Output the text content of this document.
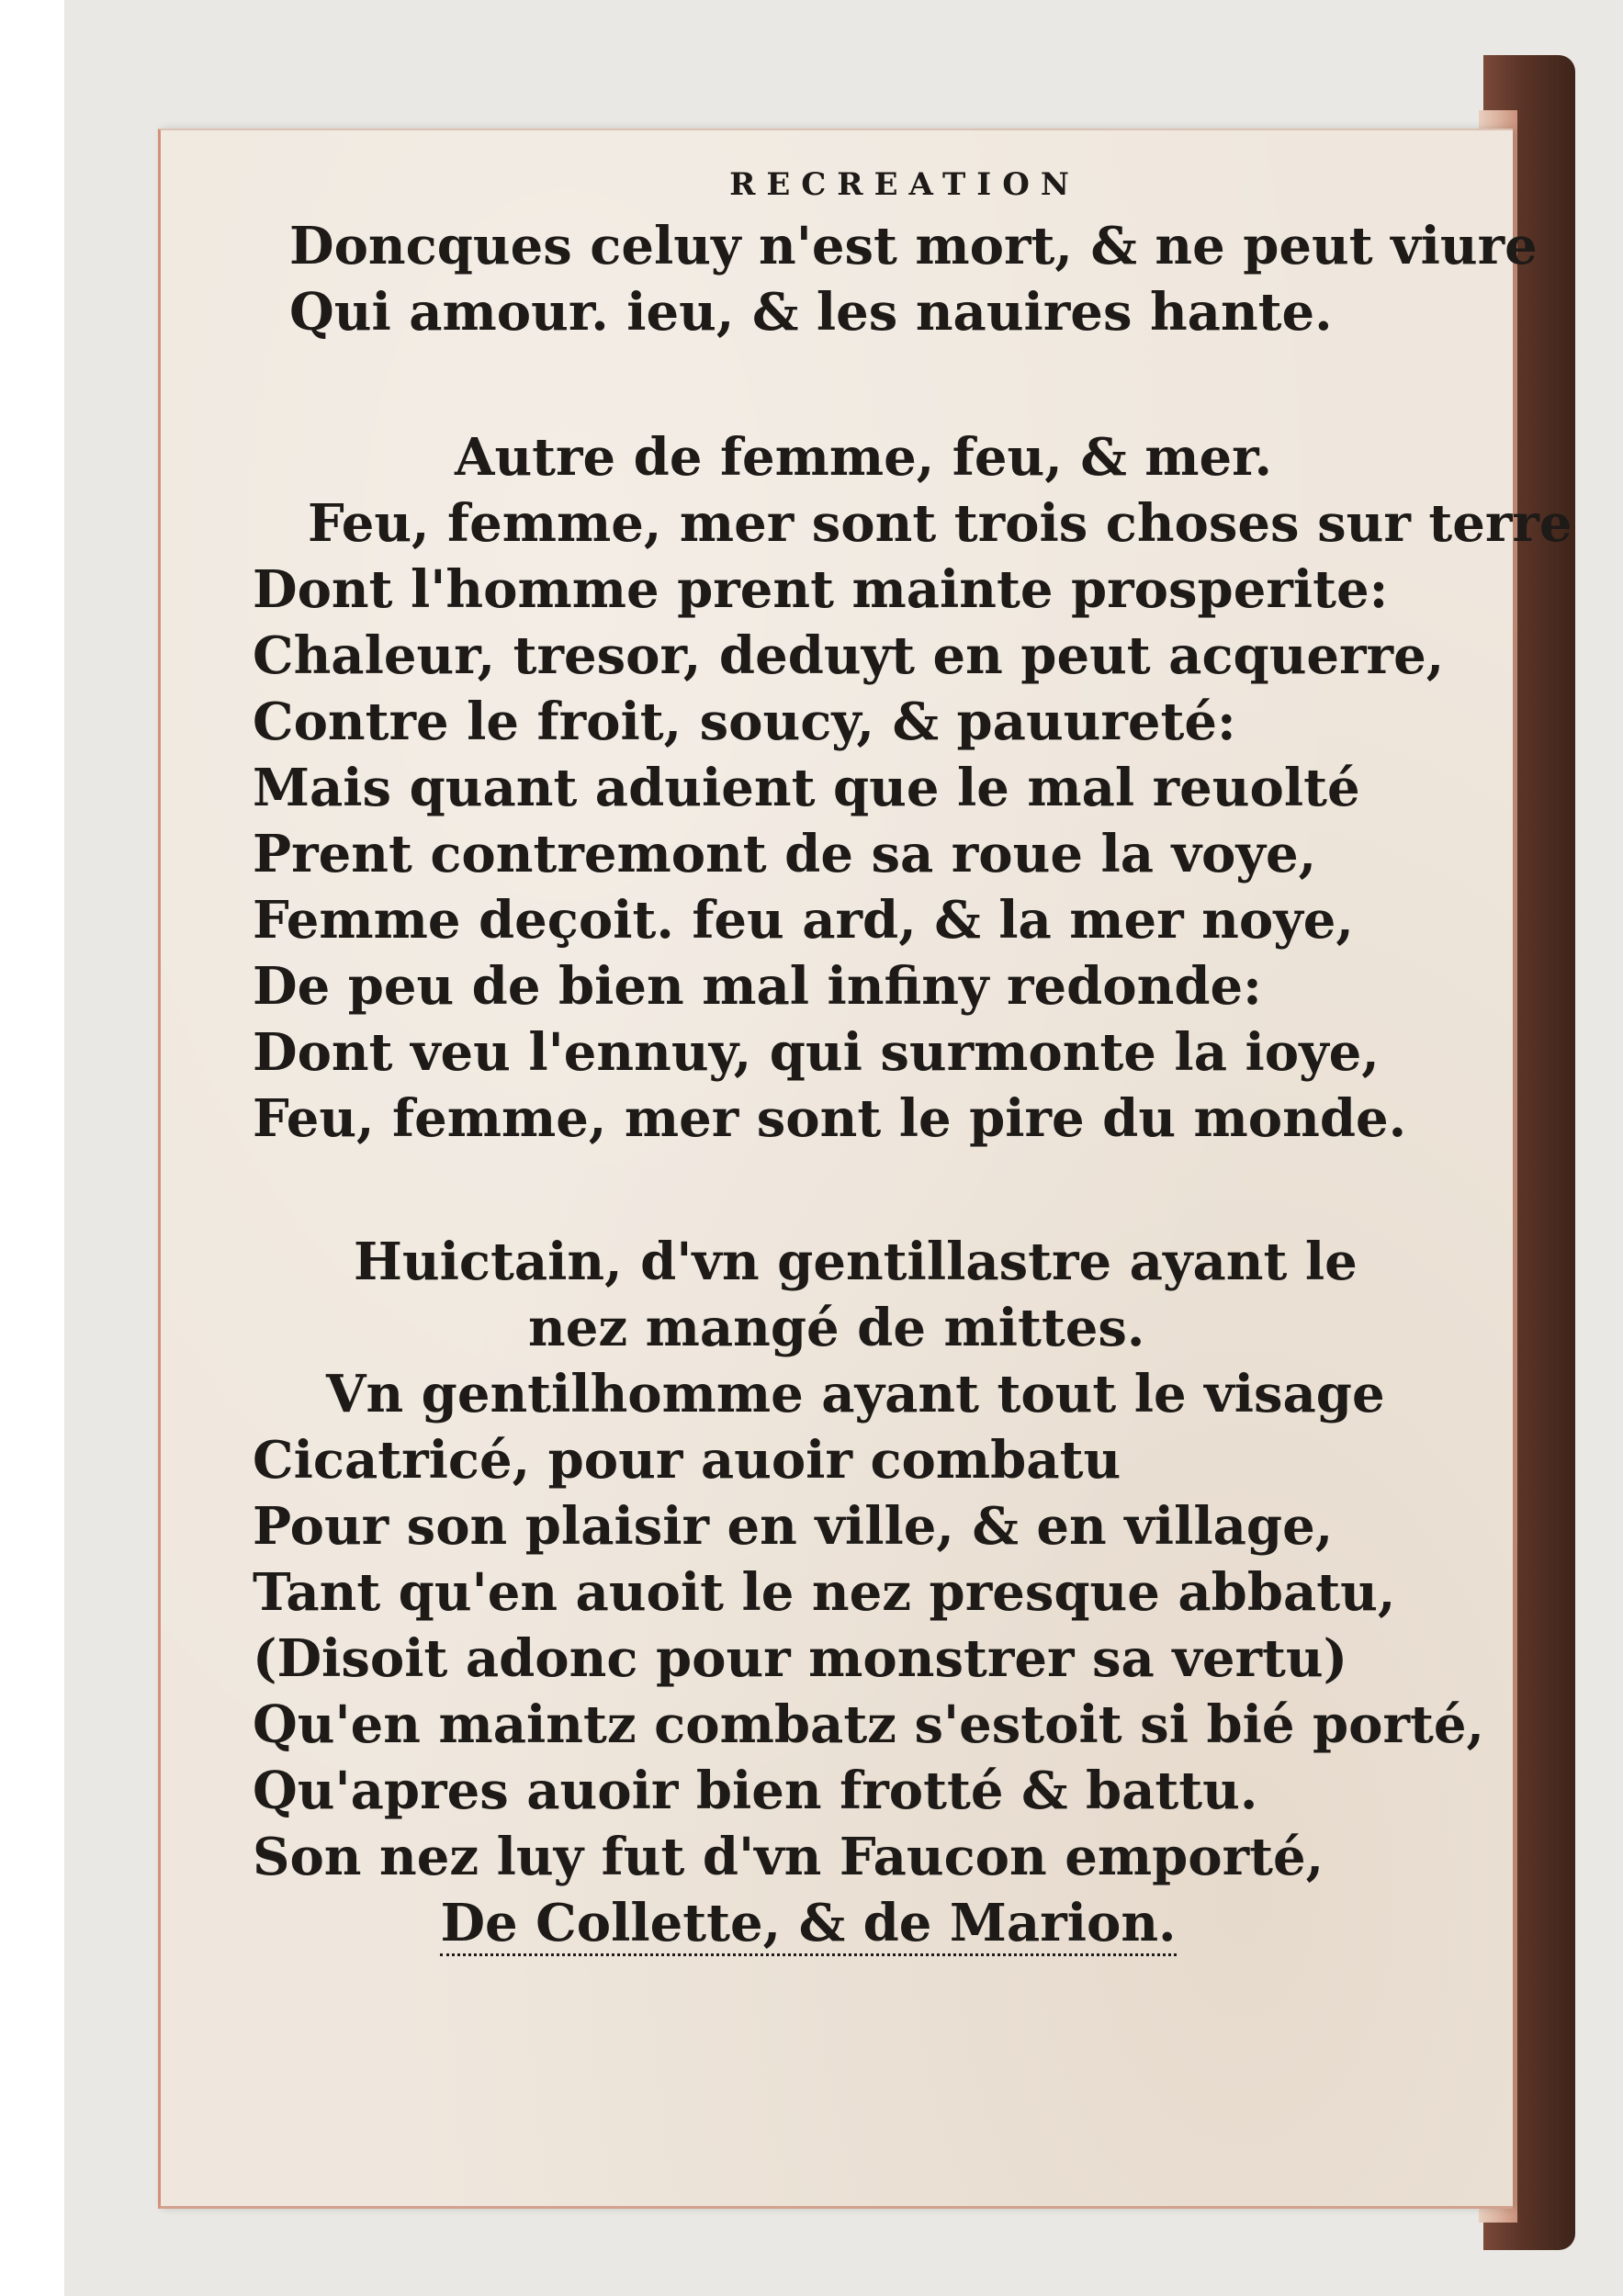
RECREATION
Doncques celuy n'est mort, & ne peut viure
Qui amour. ieu, & les nauires hante.
Autre de femme, feu, & mer.
Feu, femme, mer sont trois choses sur terre
Dont l'homme prent mainte prosperite:
Chaleur, tresor, deduyt en peut acquerre,
Contre le froit, soucy, & pauureté:
Mais quant aduient que le mal reuolté
Prent contremont de sa roue la voye,
Femme deçoit. feu ard, & la mer noye,
De peu de bien mal infiny redonde:
Dont veu l'ennuy, qui surmonte la ioye,
Feu, femme, mer sont le pire du monde.
Huictain, d'vn gentillastre ayant le
nez mangé de mittes.
Vn gentilhomme ayant tout le visage
Cicatricé, pour auoir combatu
Pour son plaisir en ville, & en village,
Tant qu'en auoit le nez presque abbatu,
(Disoit adonc pour monstrer sa vertu)
Qu'en maintz combatz s'estoit si bié porté,
Qu'apres auoir bien frotté & battu.
Son nez luy fut d'vn Faucon emporté,
De Collette, & de Marion.
